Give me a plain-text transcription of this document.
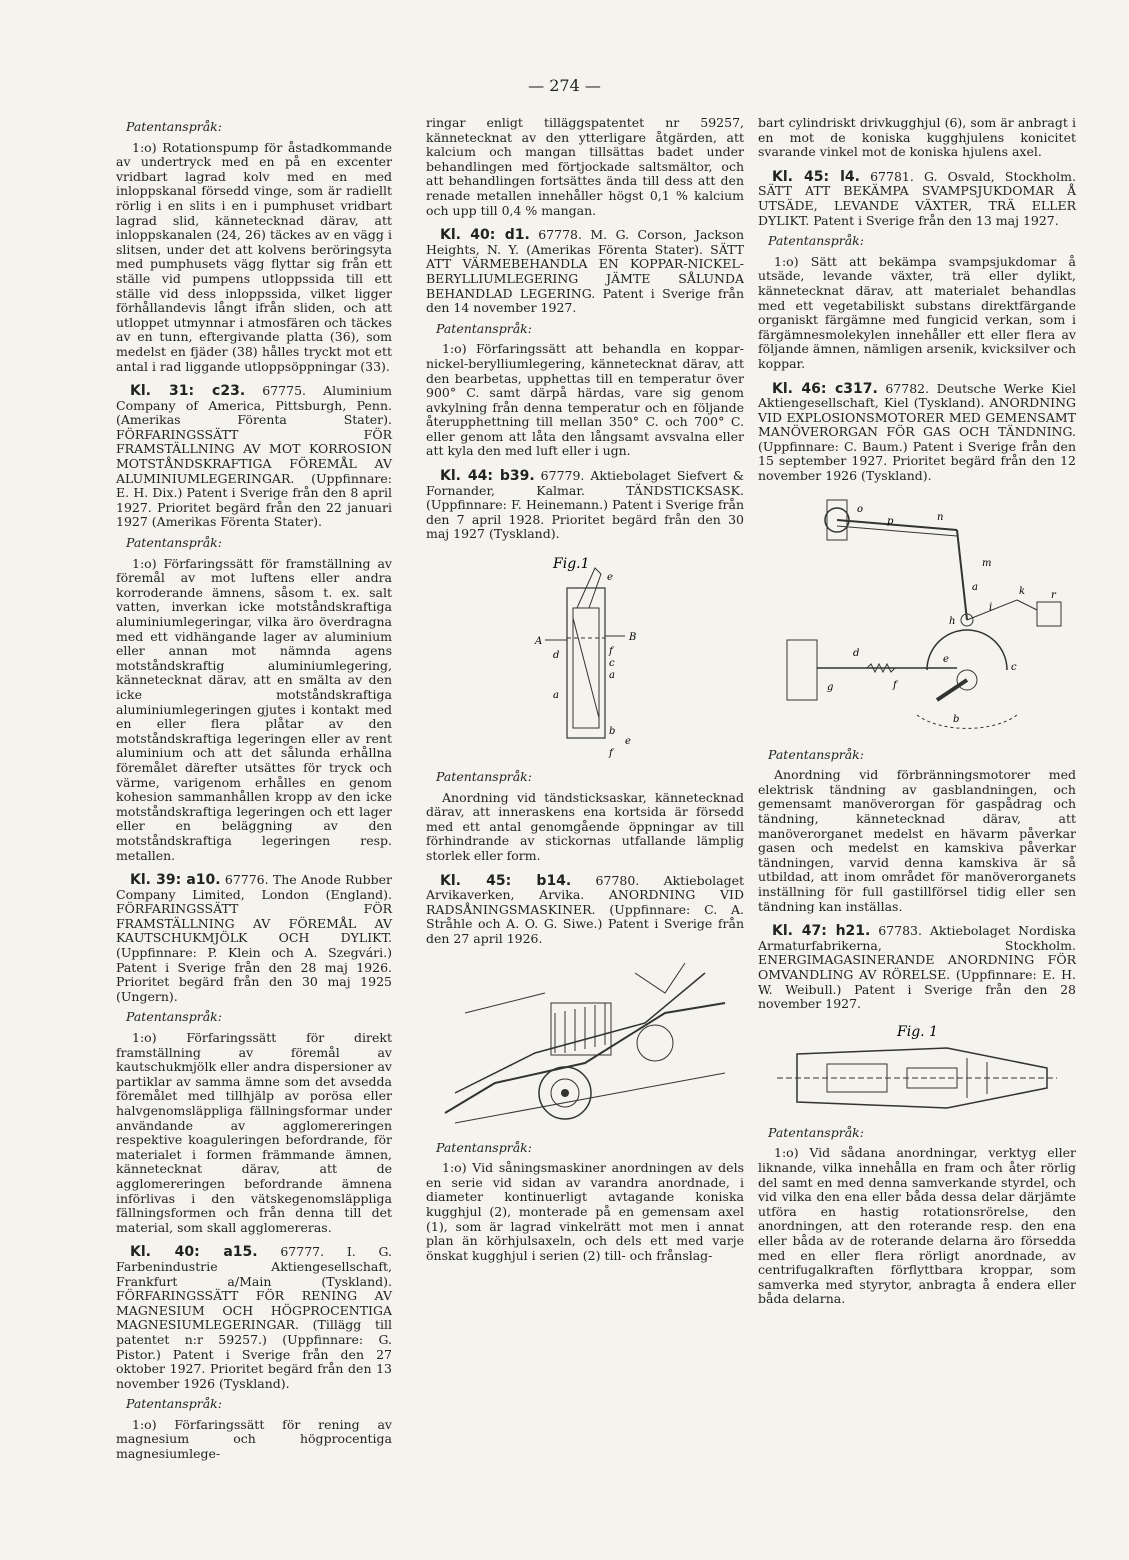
— 274 —

Patentanspråk:

1:o) Rotationspump för åstadkommande av undertryck med en på en excenter vridbart lagrad kolv med en med inloppskanal försedd vinge, som är radiellt rörlig i en slits i en i pumphuset vridbart lagrad slid, kännetecknad därav, att inloppskanalen (24, 26) täckes av en vägg i slitsen, under det att kolvens beröringsyta med pumphusets vägg flyttar sig från ett ställe vid pumpens utloppssida till ett ställe vid dess inloppssida, vilket ligger förhållandevis långt ifrån sliden, och att utloppet utmynnar i atmosfären och täckes av en tunn, eftergivande platta (36), som medelst en fjäder (38) hålles tryckt mot ett antal i rad liggande utloppsöppningar (33).

Kl. 31: c23. 67775. Aluminium Company of America, Pittsburgh, Penn. (Amerikas Förenta Stater). FÖRFARINGSSÄTT FÖR FRAMSTÄLLNING AV MOT KORROSION MOTSTÅNDSKRAFTIGA FÖREMÅL AV ALUMINIUMLEGERINGAR. (Uppfinnare: E. H. Dix.) Patent i Sverige från den 8 april 1927. Prioritet begärd från den 22 januari 1927 (Amerikas Förenta Stater).

Patentanspråk:

1:o) Förfaringssätt för framställning av föremål av mot luftens eller andra korroderande ämnens, såsom t. ex. salt vatten, inverkan icke motståndskraftiga aluminiumlegeringar, vilka äro överdragna med ett vidhängande lager av aluminium eller annan mot nämnda agens motståndskraftig aluminiumlegering, kännetecknat därav, att en smälta av den icke motståndskraftiga aluminiumlegeringen gjutes i kontakt med en eller flera plåtar av den motståndskraftiga legeringen eller av rent aluminium och att det sålunda erhållna föremålet därefter utsättes för tryck och värme, varigenom erhålles en genom kohesion sammanhållen kropp av den icke motståndskraftiga legeringen och ett lager eller en beläggning av den motståndskraftiga legeringen resp. metallen.

Kl. 39: a10. 67776. The Anode Rubber Company Limited, London (England). FÖRFARINGSSÄTT FÖR FRAMSTÄLLNING AV FÖREMÅL AV KAUTSCHUKMJÖLK OCH DYLIKT. (Uppfinnare: P. Klein och A. Szegvári.) Patent i Sverige från den 28 maj 1926. Prioritet begärd från den 30 maj 1925 (Ungern).

Patentanspråk:

1:o) Förfaringssätt för direkt framställning av föremål av kautschukmjölk eller andra dispersioner av partiklar av samma ämne som det avsedda föremålet med tillhjälp av porösa eller halvgenomsläppliga fällningsformar under användande av agglomereringen respektive koaguleringen befordrande, för materialet i formen främmande ämnen, kännetecknat därav, att de agglomereringen befordrande ämnena införlivas i den vätskegenomsläppliga fällningsformen och från denna till det material, som skall agglomereras.

Kl. 40: a15. 67777. I. G. Farbenindustrie Aktiengesellschaft, Frankfurt a/Main (Tyskland). FÖRFARINGSSÄTT FÖR RENING AV MAGNESIUM OCH HÖGPROCENTIGA MAGNESIUMLEGERINGAR. (Tillägg till patentet n:r 59257.) (Uppfinnare: G. Pistor.) Patent i Sverige från den 27 oktober 1927. Prioritet begärd från den 13 november 1926 (Tyskland).

Patentanspråk:

1:o) Förfaringssätt för rening av magnesium och högprocentiga magnesiumlege-

ringar enligt tilläggspatentet nr 59257, kännetecknat av den ytterligare åtgärden, att kalcium och mangan tillsättas badet under behandlingen med förtjockade saltsmältor, och att behandlingen fortsättes ända till dess att den renade metallen innehåller högst 0,1 % kalcium och upp till 0,4 % mangan.

Kl. 40: d1. 67778. M. G. Corson, Jackson Heights, N. Y. (Amerikas Förenta Stater). SÄTT ATT VÄRMEBEHANDLA EN KOPPAR-NICKEL-BERYLLIUMLEGERING JÄMTE SÅLUNDA BEHANDLAD LEGERING. Patent i Sverige från den 14 november 1927.

Patentanspråk:

1:o) Förfaringssätt att behandla en koppar-nickel-berylliumlegering, kännetecknat därav, att den bearbetas, upphettas till en temperatur över 900° C. samt därpå härdas, vare sig genom avkylning från denna temperatur och en följande återupphettning till mellan 350° C. och 700° C. eller genom att låta den långsamt avsvalna eller att kyla den med luft eller i ugn.

Kl. 44: b39. 67779. Aktiebolaget Siefvert & Fornander, Kalmar. TÄNDSTICKSASK. (Uppfinnare: F. Heinemann.) Patent i Sverige från den 7 april 1928. Prioritet begärd från den 30 maj 1927 (Tyskland).

Fig.1
e
A	B
d	f
c
a
a
b
e
f

Patentanspråk:

Anordning vid tändsticksaskar, kännetecknad därav, att inneraskens ena kortsida är försedd med ett antal genomgående öppningar av till förhindrande av stickornas utfallande lämplig storlek eller form.

Kl. 45: b14. 67780. Aktiebolaget Arvikaverken, Arvika. ANORDNING VID RADSÅNINGSMASKINER. (Uppfinnare: C. A. Stråhle och A. O. G. Siwe.) Patent i Sverige från den 27 april 1926.

Patentanspråk:

1:o) Vid såningsmaskiner anordningen av dels en serie vid sidan av varandra anordnade, i diameter kontinuerligt avtagande koniska kugghjul (2), monterade på en gemensam axel (1), som är lagrad vinkelrätt mot men i annat plan än körhjulsaxeln, och dels ett med varje önskat kugghjul i serien (2) till- och frånslag-

bart cylindriskt drivkugghjul (6), som är anbragt i en mot de koniska kugghjulens konicitet svarande vinkel mot de koniska hjulens axel.

Kl. 45: l4. 67781. G. Osvald, Stockholm. SÄTT ATT BEKÄMPA SVAMPSJUKDOMAR Å UTSÄDE, LEVANDE VÄXTER, TRÄ ELLER DYLIKT. Patent i Sverige från den 13 maj 1927.

Patentanspråk:

1:o) Sätt att bekämpa svampsjukdomar å utsäde, levande växter, trä eller dylikt, kännetecknat därav, att materialet behandlas med ett vegetabiliskt substans direktfärgande organiskt färgämne med fungicid verkan, som i färgämnesmolekylen innehåller ett eller flera av följande ämnen, nämligen arsenik, kvicksilver och koppar.

Kl. 46: c317. 67782. Deutsche Werke Kiel Aktiengesellschaft, Kiel (Tyskland). ANORDNING VID EXPLOSIONSMOTORER MED GEMENSAMT MANÖVERORGAN FÖR GAS OCH TÄNDNING. (Uppfinnare: C. Baum.) Patent i Sverige från den 15 september 1927. Prioritet begärd från den 12 november 1926 (Tyskland).

o
p	n
m
a
i
k
h
r
d
e
c
g	f
b

Patentanspråk:

Anordning vid förbränningsmotorer med elektrisk tändning av gasblandningen, och gemensamt manöverorgan för gaspådrag och tändning, kännetecknad därav, att manöverorganet medelst en hävarm påverkar gasen och medelst en kamskiva påverkar tändningen, varvid denna kamskiva är så utbildad, att inom området för manöverorganets inställning för full gastillförsel tidig eller sen tändning kan inställas.

Kl. 47: h21. 67783. Aktiebolaget Nordiska Armaturfabrikerna, Stockholm. ENERGIMAGASINERANDE ANORDNING FÖR OMVANDLING AV RÖRELSE. (Uppfinnare: E. H. W. Weibull.) Patent i Sverige från den 28 november 1927.

Fig. 1

Patentanspråk:

1:o) Vid sådana anordningar, verktyg eller liknande, vilka innehålla en fram och åter rörlig del samt en med denna samverkande styrdel, och vid vilka den ena eller båda dessa delar därjämte utföra en hastig rotationsrörelse, den anordningen, att den roterande resp. den ena eller båda av de roterande delarna äro försedda med en eller flera rörligt anordnade, av centrifugalkraften förflyttbara kroppar, som samverka med styrytor, anbragta å endera eller båda delarna.
